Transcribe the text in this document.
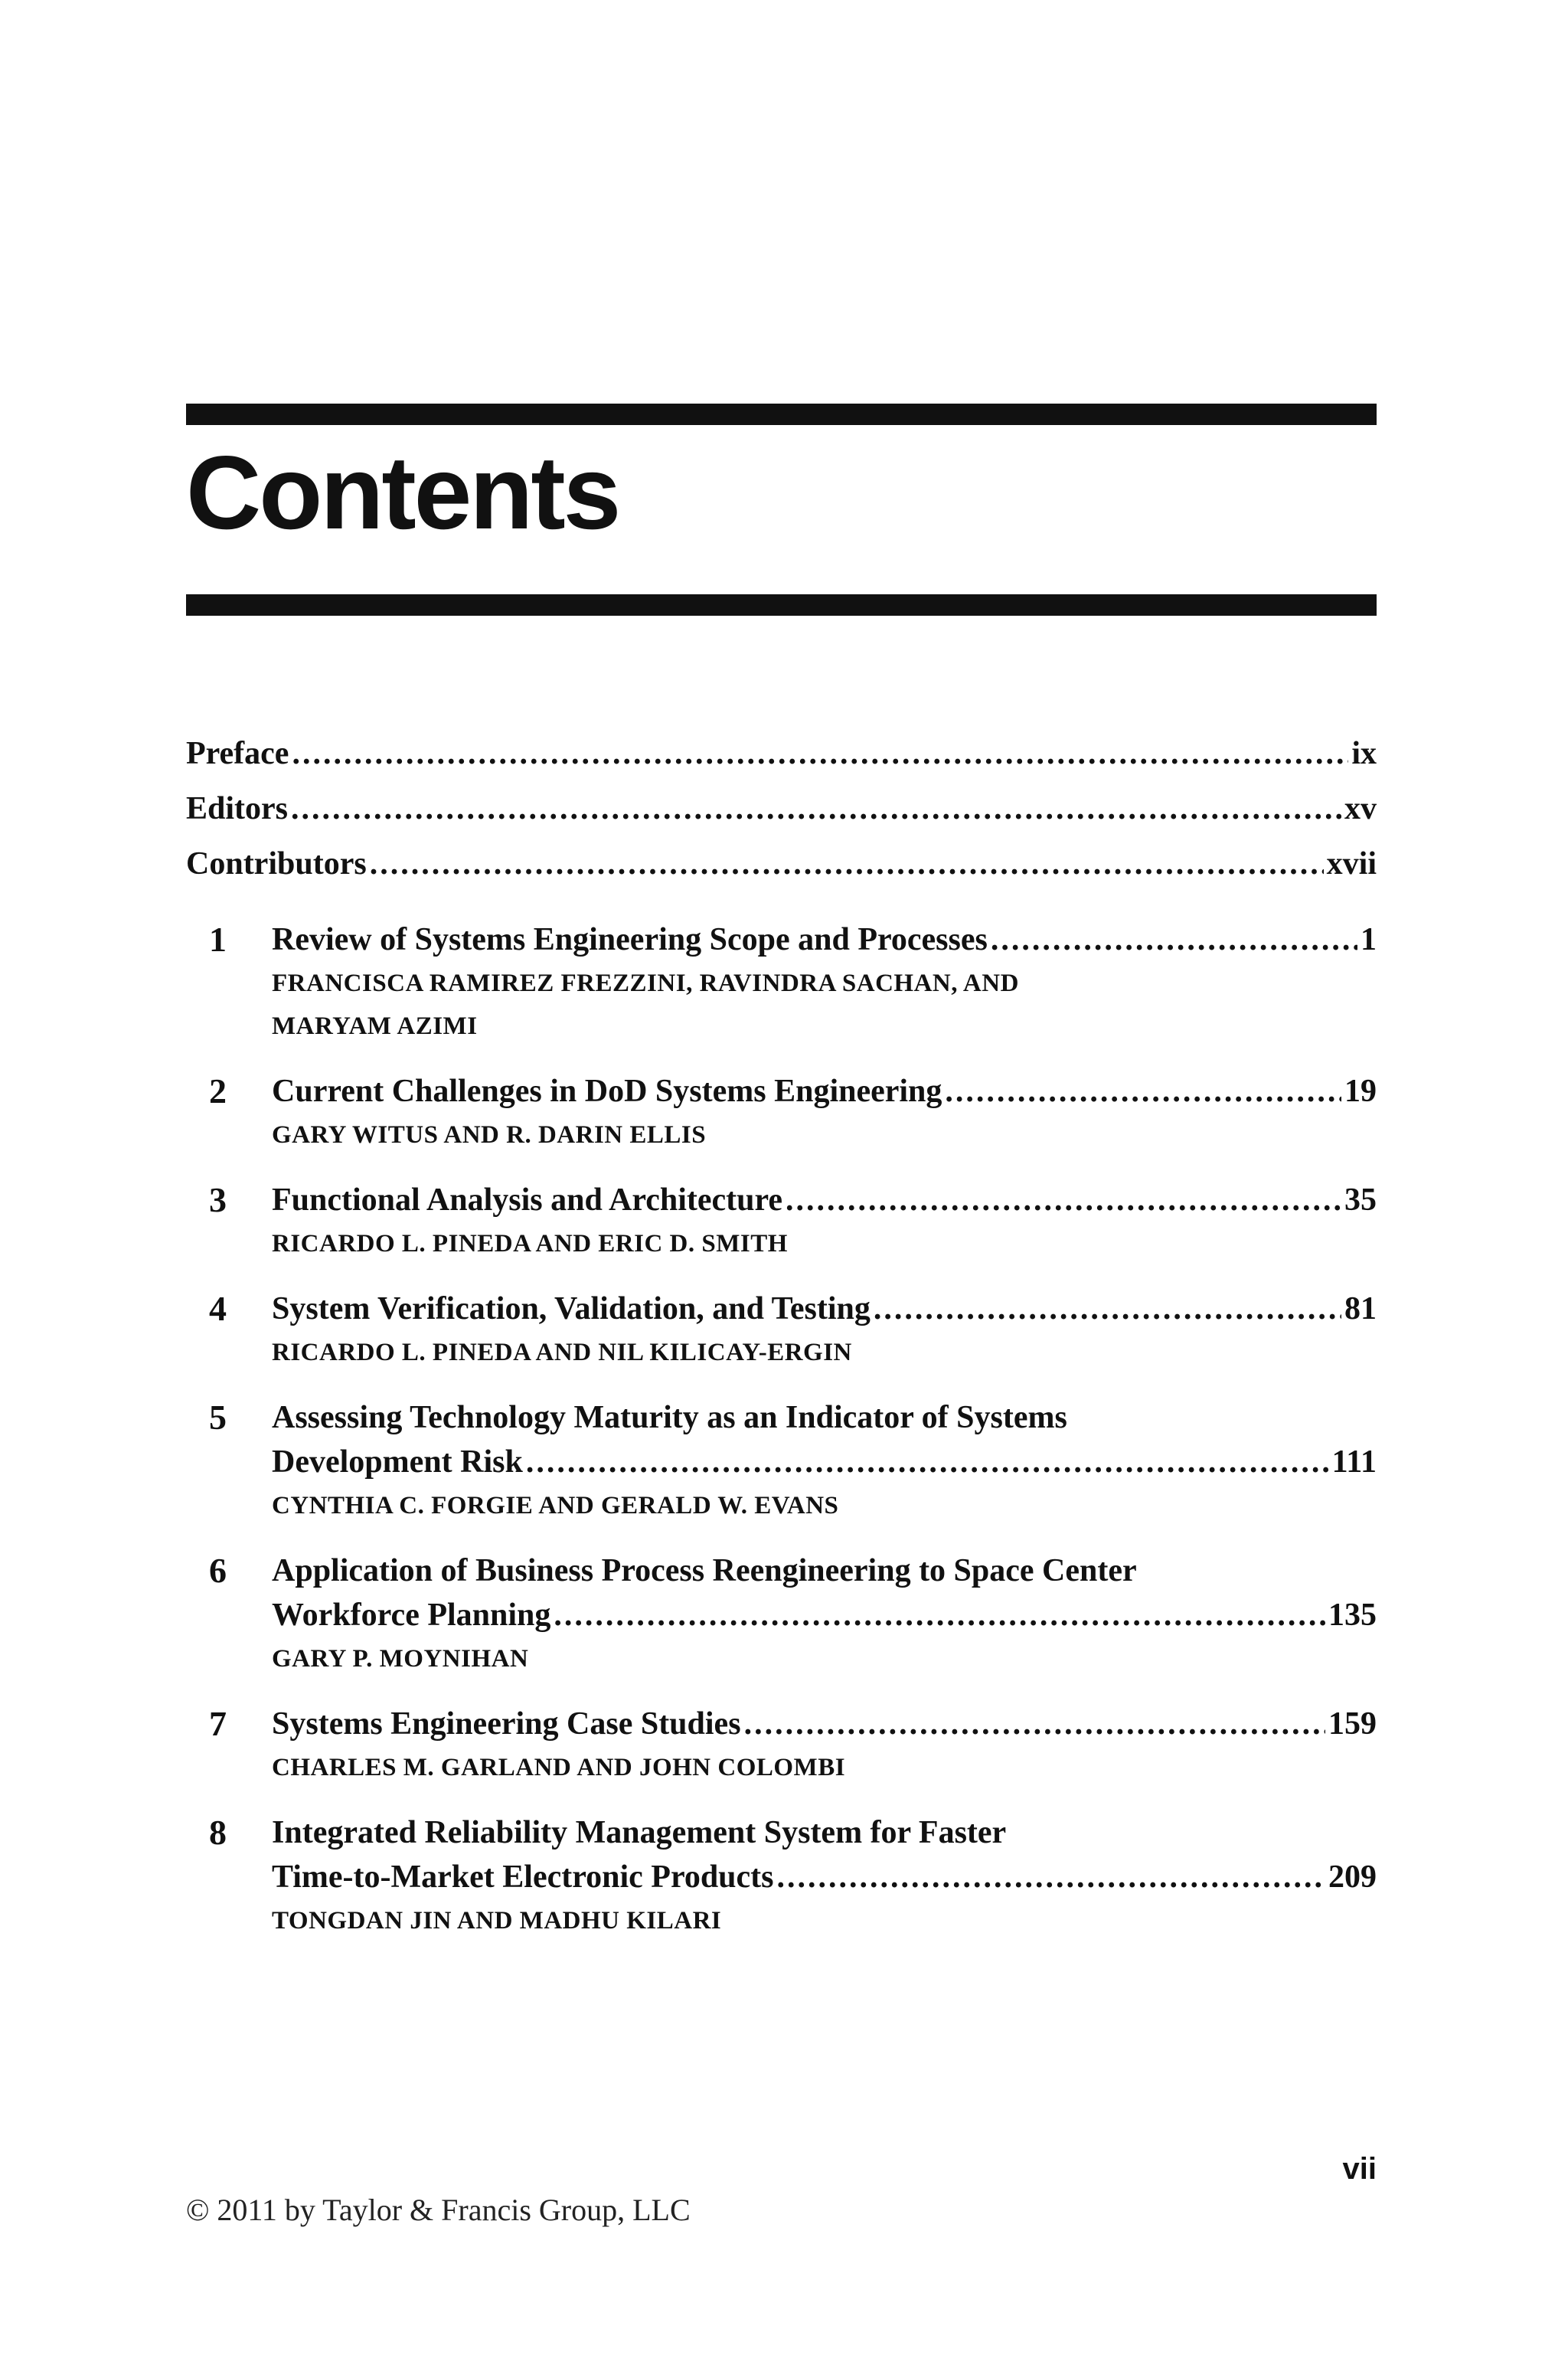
Contents
Preface .....	ix
Editors .....	xv
Contributors .....	xvii
1 Review of Systems Engineering Scope and Processes .....	1
FRANCISCA RAMIREZ FREZZINI, RAVINDRA SACHAN, AND
MARYAM AZIMI
2 Current Challenges in DoD Systems Engineering .....	19
GARY WITUS AND R. DARIN ELLIS
3 Functional Analysis and Architecture .....	35
RICARDO L. PINEDA AND ERIC D. SMITH
4 System Verification, Validation, and Testing .....	81
RICARDO L. PINEDA AND NIL KILICAY-ERGIN
5 Assessing Technology Maturity as an Indicator of Systems
Development Risk .....	111
CYNTHIA C. FORGIE AND GERALD W. EVANS
6 Application of Business Process Reengineering to Space Center
Workforce Planning .....	135
GARY P. MOYNIHAN
7 Systems Engineering Case Studies .....	159
CHARLES M. GARLAND AND JOHN COLOMBI
8 Integrated Reliability Management System for Faster
Time-to-Market Electronic Products .....	209
TONGDAN JIN AND MADHU KILARI
vii
© 2011 by Taylor & Francis Group, LLC
